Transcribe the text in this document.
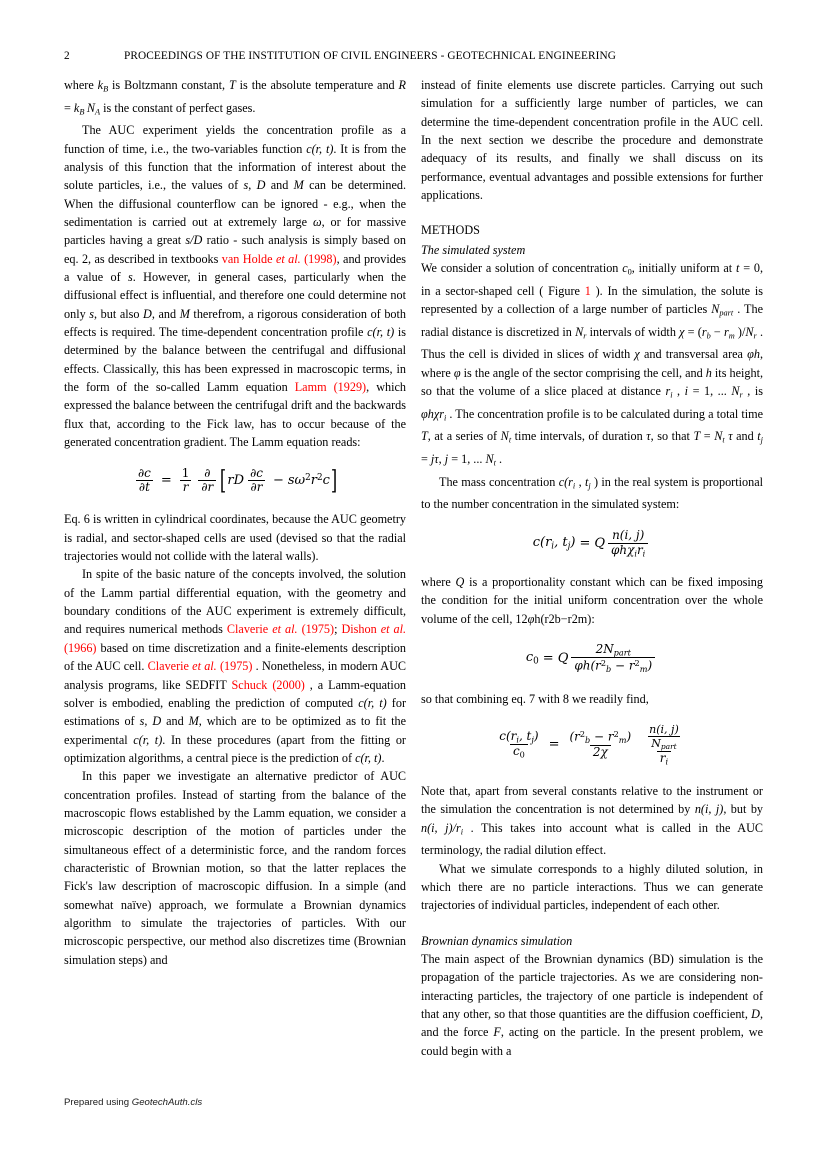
2	PROCEEDINGS OF THE INSTITUTION OF CIVIL ENGINEERS - GEOTECHNICAL ENGINEERING

where $k_B$ is Boltzmann constant, T is the absolute temperature and $R = k_B$ $N_A$ is the constant of perfect gases.

The AUC experiment yields the concentration profile as a function of time, i.e., the two-variables function c(r, t). It is from the analysis of this function that the information of interest about the solute particles, i.e., the values of s, D and M can be determined. When the diffusional counterflow can be ignored - e.g., when the sedimentation is carried out at extremely large ω, or for massive particles having a great s/D ratio - such analysis is simply based on eq. 2, as described in textbooks van Holde et al. (1998), and provides a value of s. However, in general cases, particularly when the diffusional effect is influential, and therefore one could determine not only s, but also D, and M therefrom, a rigorous consideration of both effects is required. The time-dependent concentration profile c(r, t) is determined by the balance between the centrifugal and diffusional effects. Classically, this has been expressed in macroscopic terms, in the form of the so-called Lamm equation Lamm (1929), which expressed the balance between the centrifugal drift and the backwards flux that, according to the Fick law, has to occur because of the generated concentration gradient. The Lamm equation reads:

$\frac{\partial c}{\partial t} = \frac{1}{r} \frac{\partial}{\partial r}$ [ rD $\frac{\partial c}{\partial r} - s\omega^2r^2c$ ]

Eq. 6 is written in cylindrical coordinates, because the AUC geometry is radial, and sector-shaped cells are used (devised so that the radial trajectories would not collide with the lateral walls).

In spite of the basic nature of the concepts involved, the solution of the Lamm partial differential equation, with the geometry and boundary conditions of the AUC experiment is extremely difficult, and requires numerical methods Claverie et al. (1975); Dishon et al. (1966) based on time discretization and a finite-elements description of the AUC cell. Claverie et al. (1975) . Nonetheless, in modern AUC analysis programs, like SEDFIT Schuck (2000) , a Lamm-equation solver is embodied, enabling the prediction of computed c(r, t) for estimations of s, D and M, which are to be optimized as to fit the experimental c(r, t). In these procedures (apart from the fitting or optimization algorithms, a central piece is the prediction of c(r, t).

In this paper we investigate an alternative predictor of AUC concentration profiles. Instead of starting from the balance of the macroscopic flows established by the Lamm equation, we consider a microscopic description of the motion of particles under the simultaneous effect of a deterministic force, and the random forces characteristic of Brownian motion, so that the latter replaces the Fick's law description of macroscopic diffusion. In a simple (and somewhat naïve) approach, we formulate a Brownian dynamics algorithm to simulate the trajectories of particles. With our microscopic perspective, our method also discretizes time (Brownian simulation steps) and

instead of finite elements use discrete particles. Carrying out such simulation for a sufficiently large number of particles, we can determine the time-dependent concentration profile in the AUC cell. In the next section we describe the procedure and demonstrate adequacy of its results, and finally we shall discuss on its performance, eventual advantages and possible extensions for further applications.

METHODS

The simulated system

We consider a solution of concentration $c_0$, initially uniform at t = 0, in a sector-shaped cell ( Figure 1 ). In the simulation, the solute is represented by a collection of a large number of particles $N_{part}$ . The radial distance is discretized in $N_r$ intervals of width $\chi = (r_b - r_m$ )$/N_r$ . Thus the cell is divided in slices of width χ and transversal area φh, where φ is the angle of the sector comprising the cell, and h its height, so that the volume of a slice placed at distance $r_i$ , i = 1, ... $N_r$ , is φhχr$_i$ . The concentration profile is to be calculated during a total time T, at a series of $N_t$ time intervals, of duration τ, so that $T = N_t$ τ and $t_j = j\tau$, j = 1, ... $N_t$ .

The mass concentration $c(r_i$ , $t_j$ ) in the real system is proportional to the number concentration in the simulated system:

$c(r_i$, $t_j) = Q \frac{n(i, j)}{\varphi h\chi_ir_i}$

where Q is a proportionality constant which can be fixed imposing the condition for the initial uniform concentration over the whole volume of the cell, 12φh(r2b−r2m):

$c_0 = Q \frac{2N_{part}}{\varphi h(r^2_b - r^2_m)}$

so that combining eq. 7 with 8 we readily find,

$\frac{c(r_i, t_j)}{c_0} = \frac{(r^2_b - r^2_m)}{2\chi} \frac{\frac{n(i, j)}{N_{part}}}{r_i}$

Note that, apart from several constants relative to the instrument or the simulation the concentration is not determined by n(i, j), but by n(i, $j)/r_i$ . This takes into account what is called in the AUC terminology, the radial dilution effect.

What we simulate corresponds to a highly diluted solution, in which there are no particle interactions. Thus we can generate trajectories of individual particles, independent of each other.

Brownian dynamics simulation

The main aspect of the Brownian dynamics (BD) simulation is the propagation of the particle trajectories. As we are considering non-interacting particles, the trajectory of one particle is independent of that any other, so that those quantities are the diffusion coefficient, D, and the force F, acting on the particle. In the present problem, we could begin with a

Prepared using GeotechAuth.cls
